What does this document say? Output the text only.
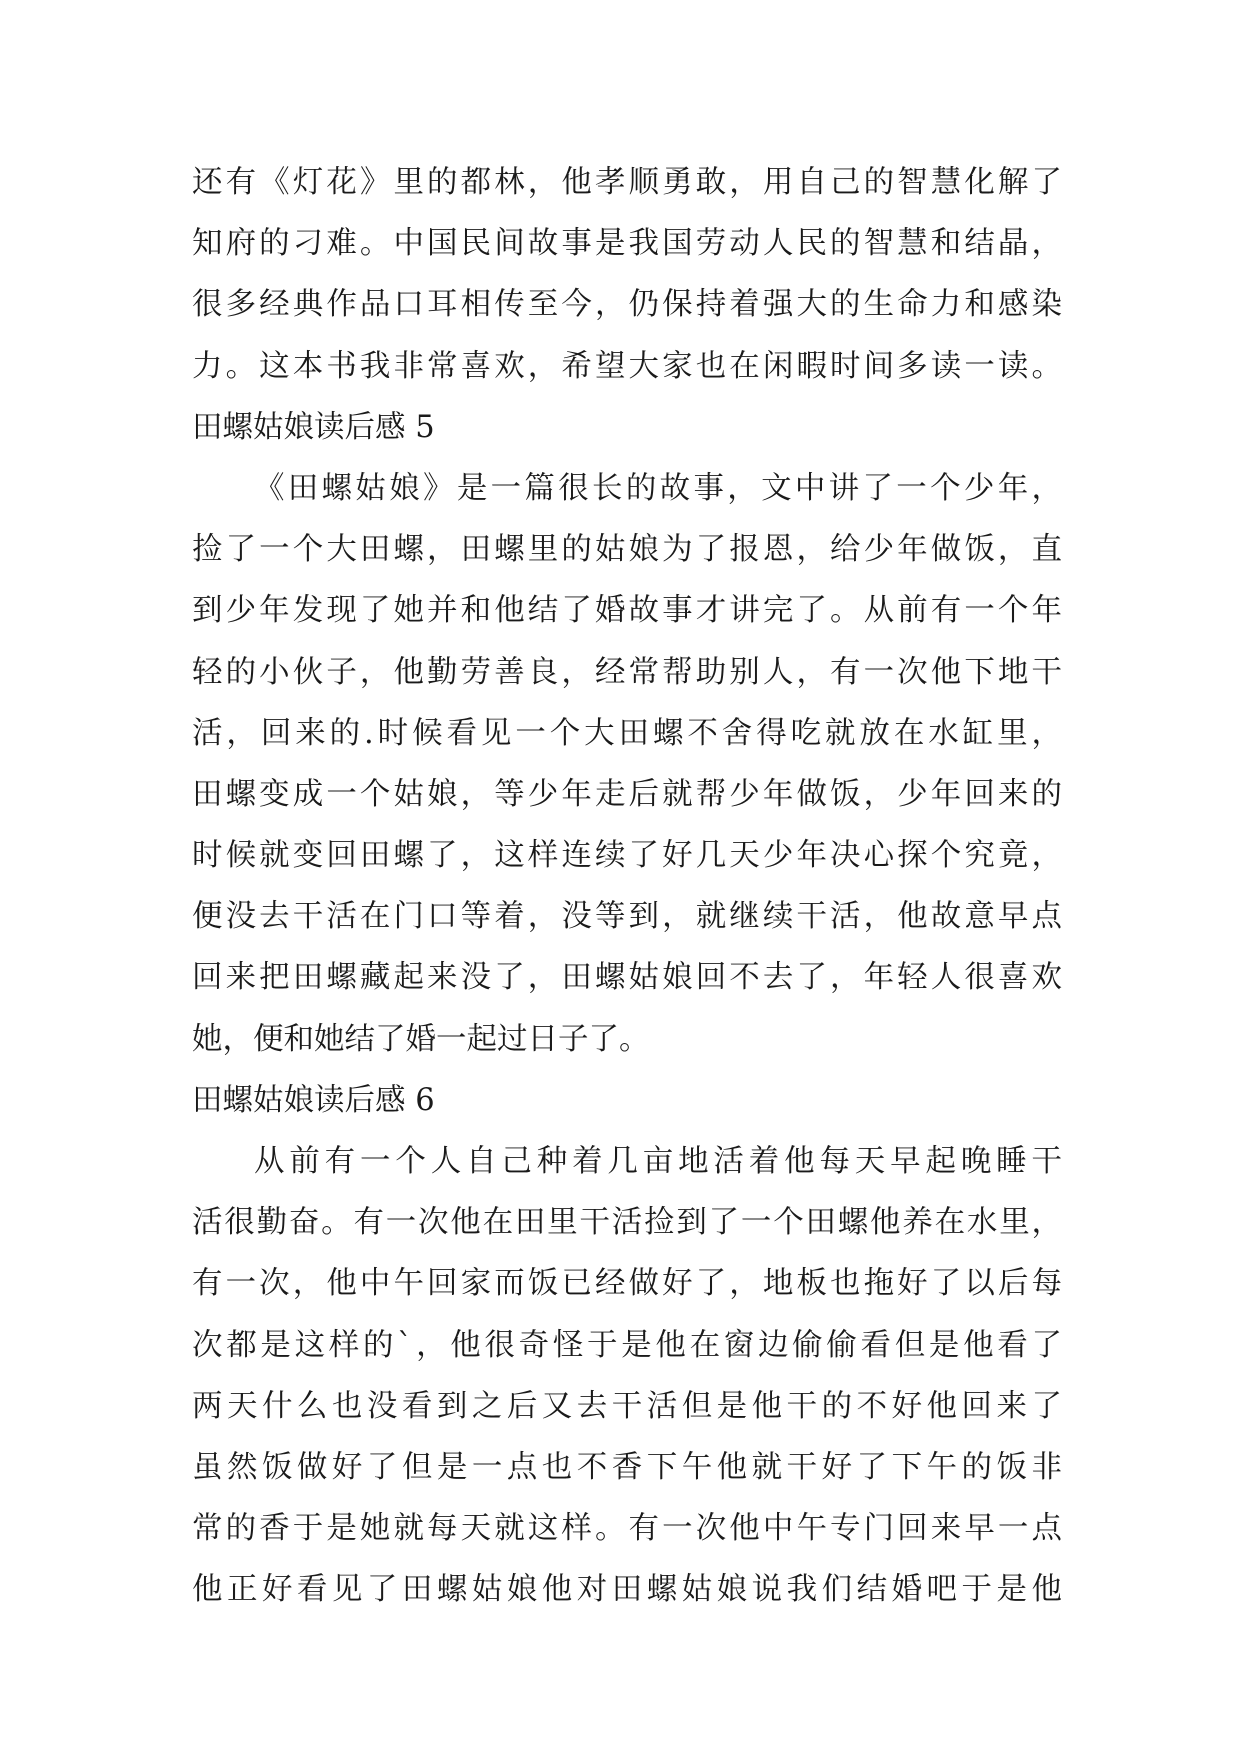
还有《灯花》里的都林，他孝顺勇敢，用自己的智慧化解了
知府的刁难。中国民间故事是我国劳动人民的智慧和结晶，
很多经典作品口耳相传至今，仍保持着强大的生命力和感染
力。这本书我非常喜欢，希望大家也在闲暇时间多读一读。
田螺姑娘读后感 5
《田螺姑娘》是一篇很长的故事，文中讲了一个少年，
捡了一个大田螺，田螺里的姑娘为了报恩，给少年做饭，直
到少年发现了她并和他结了婚故事才讲完了。从前有一个年
轻的小伙子，他勤劳善良，经常帮助别人，有一次他下地干
活，回来的.时候看见一个大田螺不舍得吃就放在水缸里，
田螺变成一个姑娘，等少年走后就帮少年做饭，少年回来的
时候就变回田螺了，这样连续了好几天少年决心探个究竟，
便没去干活在门口等着，没等到，就继续干活，他故意早点
回来把田螺藏起来没了，田螺姑娘回不去了，年轻人很喜欢
她，便和她结了婚一起过日子了。
田螺姑娘读后感 6
从前有一个人自己种着几亩地活着他每天早起晚睡干
活很勤奋。有一次他在田里干活捡到了一个田螺他养在水里，
有一次，他中午回家而饭已经做好了，地板也拖好了以后每
次都是这样的`，他很奇怪于是他在窗边偷偷看但是他看了
两天什么也没看到之后又去干活但是他干的不好他回来了
虽然饭做好了但是一点也不香下午他就干好了下午的饭非
常的香于是她就每天就这样。有一次他中午专门回来早一点
他正好看见了田螺姑娘他对田螺姑娘说我们结婚吧于是他
